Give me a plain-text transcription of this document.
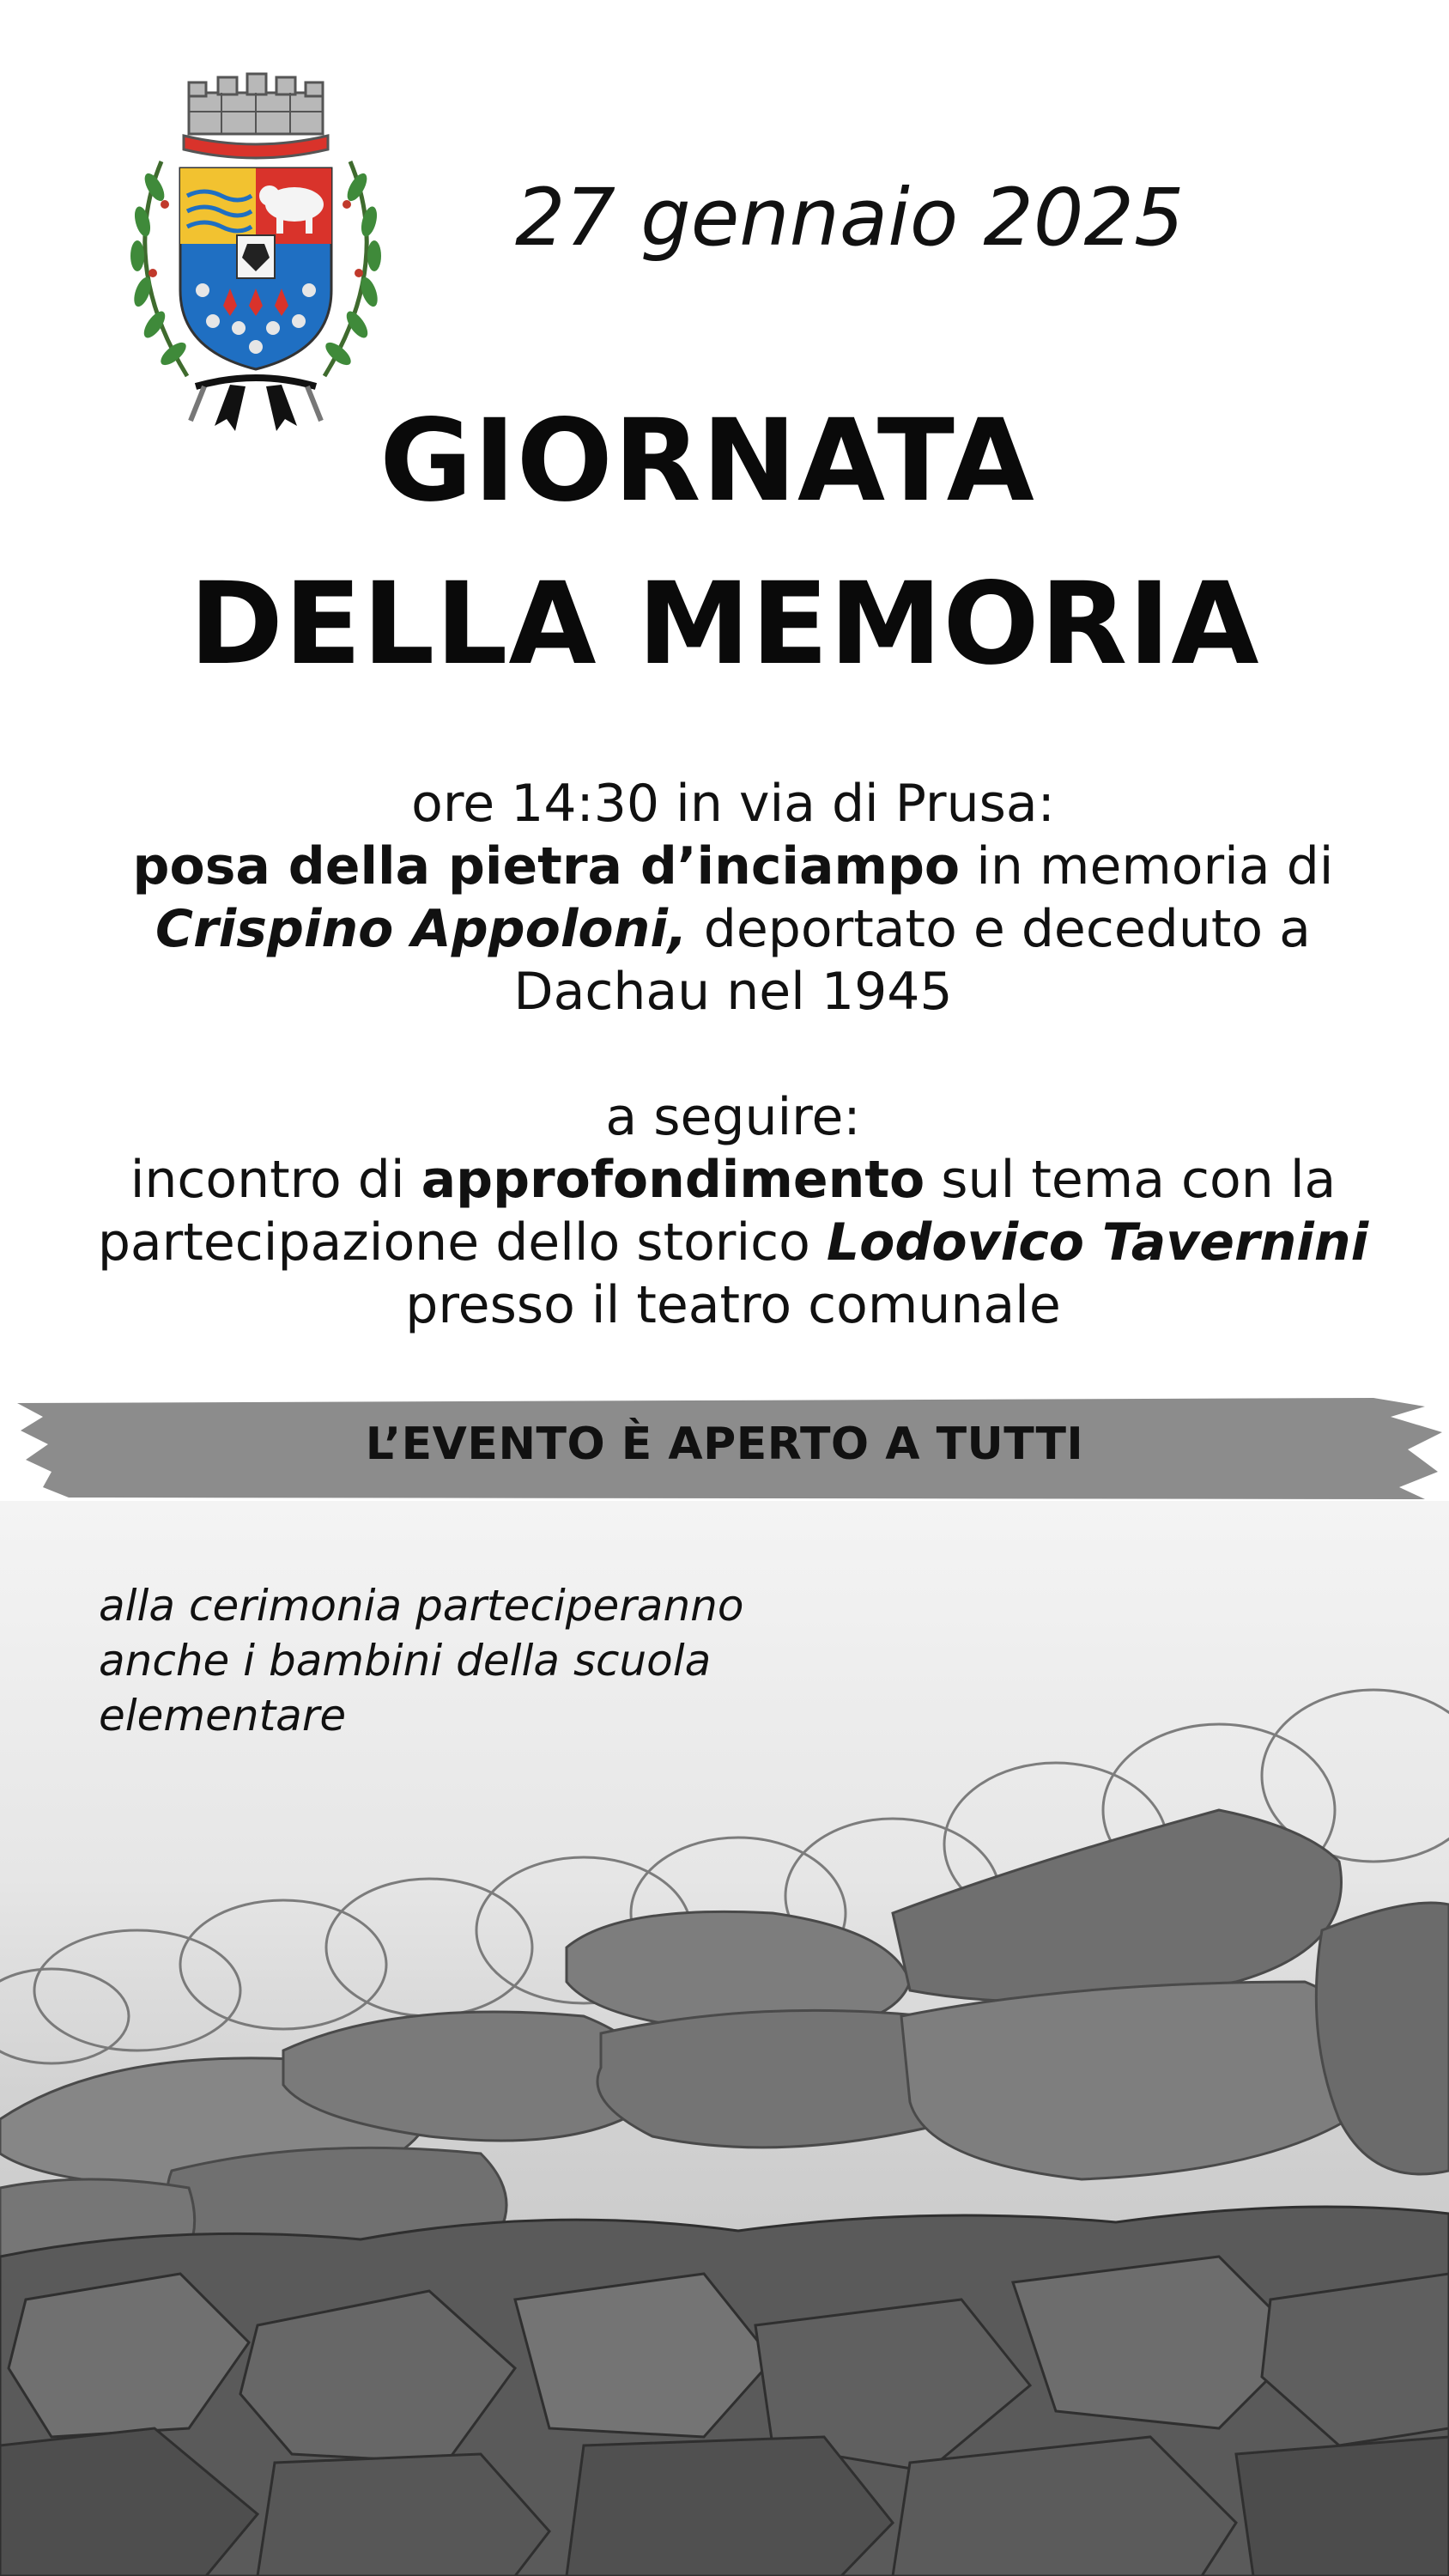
27 gennaio 2025
GIORNATA
DELLA MEMORIA
ore 14:30 in via di Prusa:
posa della pietra d’inciampo in memoria di
Crispino Appoloni, deportato e deceduto a
Dachau nel 1945
a seguire:
incontro di approfondimento sul tema con la
partecipazione dello storico Lodovico Tavernini
presso il teatro comunale
L’EVENTO È APERTO A TUTTI
alla cerimonia parteciperanno
anche i bambini della scuola
elementare
